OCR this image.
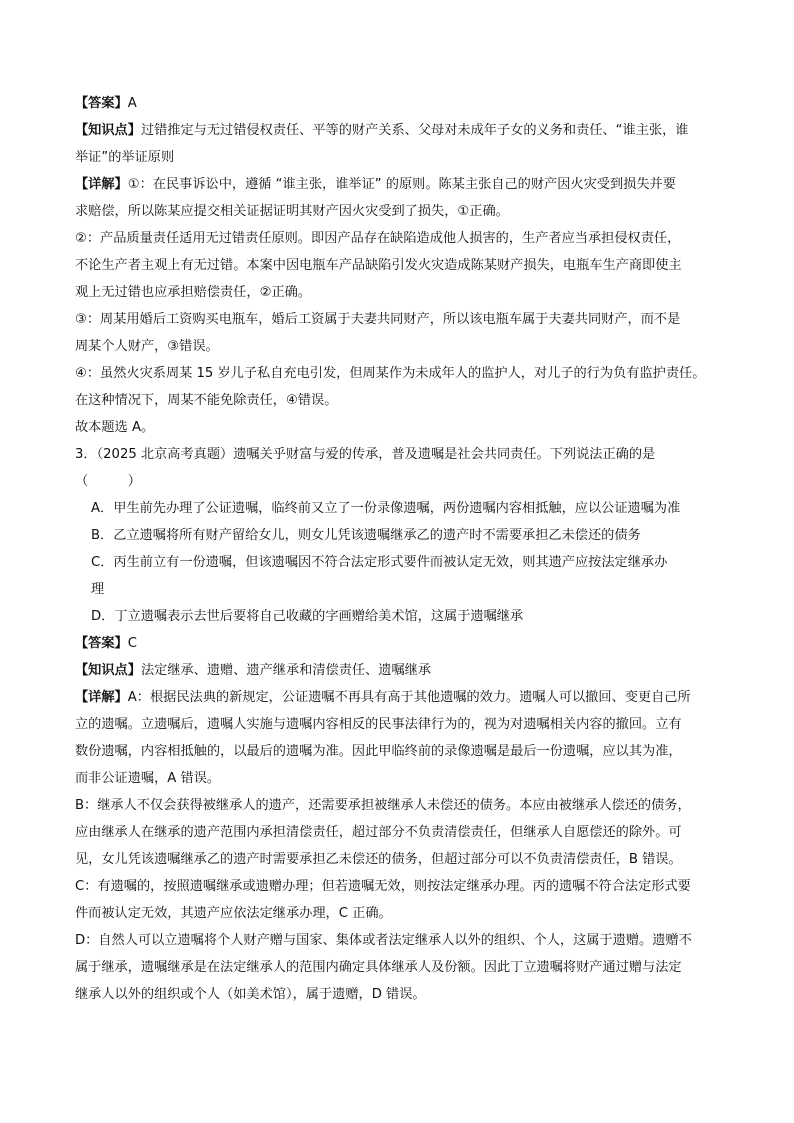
【答案】A
【知识点】过错推定与无过错侵权责任、平等的财产关系、父母对未成年子女的义务和责任、“谁主张，谁
举证”的举证原则
【详解】①：在民事诉讼中，遵循 “谁主张，谁举证” 的原则。陈某主张自己的财产因火灾受到损失并要
求赔偿，所以陈某应提交相关证据证明其财产因火灾受到了损失，①正确。
②：产品质量责任适用无过错责任原则。即因产品存在缺陷造成他人损害的，生产者应当承担侵权责任，
不论生产者主观上有无过错。本案中因电瓶车产品缺陷引发火灾造成陈某财产损失，电瓶车生产商即使主
观上无过错也应承担赔偿责任，②正确。
③：周某用婚后工资购买电瓶车，婚后工资属于夫妻共同财产，所以该电瓶车属于夫妻共同财产，而不是
周某个人财产，③错误。
④：虽然火灾系周某 15 岁儿子私自充电引发，但周某作为未成年人的监护人，对儿子的行为负有监护责任。
在这种情况下，周某不能免除责任，④错误。
故本题选 A。
3．（2025 北京高考真题）遗嘱关乎财富与爱的传承，普及遗嘱是社会共同责任。下列说法正确的是
（　　　）
A．甲生前先办理了公证遗嘱，临终前又立了一份录像遗嘱，两份遗嘱内容相抵触，应以公证遗嘱为准
B．乙立遗嘱将所有财产留给女儿，则女儿凭该遗嘱继承乙的遗产时不需要承担乙未偿还的债务
C．丙生前立有一份遗嘱，但该遗嘱因不符合法定形式要件而被认定无效，则其遗产应按法定继承办
理
D．丁立遗嘱表示去世后要将自己收藏的字画赠给美术馆，这属于遗嘱继承
【答案】C
【知识点】法定继承、遗赠、遗产继承和清偿责任、遗嘱继承
【详解】A：根据民法典的新规定，公证遗嘱不再具有高于其他遗嘱的效力。遗嘱人可以撤回、变更自己所
立的遗嘱。立遗嘱后，遗嘱人实施与遗嘱内容相反的民事法律行为的，视为对遗嘱相关内容的撤回。立有
数份遗嘱，内容相抵触的，以最后的遗嘱为准。因此甲临终前的录像遗嘱是最后一份遗嘱，应以其为准，
而非公证遗嘱，A 错误。
B：继承人不仅会获得被继承人的遗产，还需要承担被继承人未偿还的债务。本应由被继承人偿还的债务，
应由继承人在继承的遗产范围内承担清偿责任，超过部分不负责清偿责任，但继承人自愿偿还的除外。可
见，女儿凭该遗嘱继承乙的遗产时需要承担乙未偿还的债务，但超过部分可以不负责清偿责任，B 错误。
C：有遗嘱的，按照遗嘱继承或遗赠办理；但若遗嘱无效，则按法定继承办理。丙的遗嘱不符合法定形式要
件而被认定无效，其遗产应依法定继承办理，C 正确。
D：自然人可以立遗嘱将个人财产赠与国家、集体或者法定继承人以外的组织、个人，这属于遗赠。遗赠不
属于继承，遗嘱继承是在法定继承人的范围内确定具体继承人及份额。因此丁立遗嘱将财产通过赠与法定
继承人以外的组织或个人（如美术馆），属于遗赠，D 错误。
